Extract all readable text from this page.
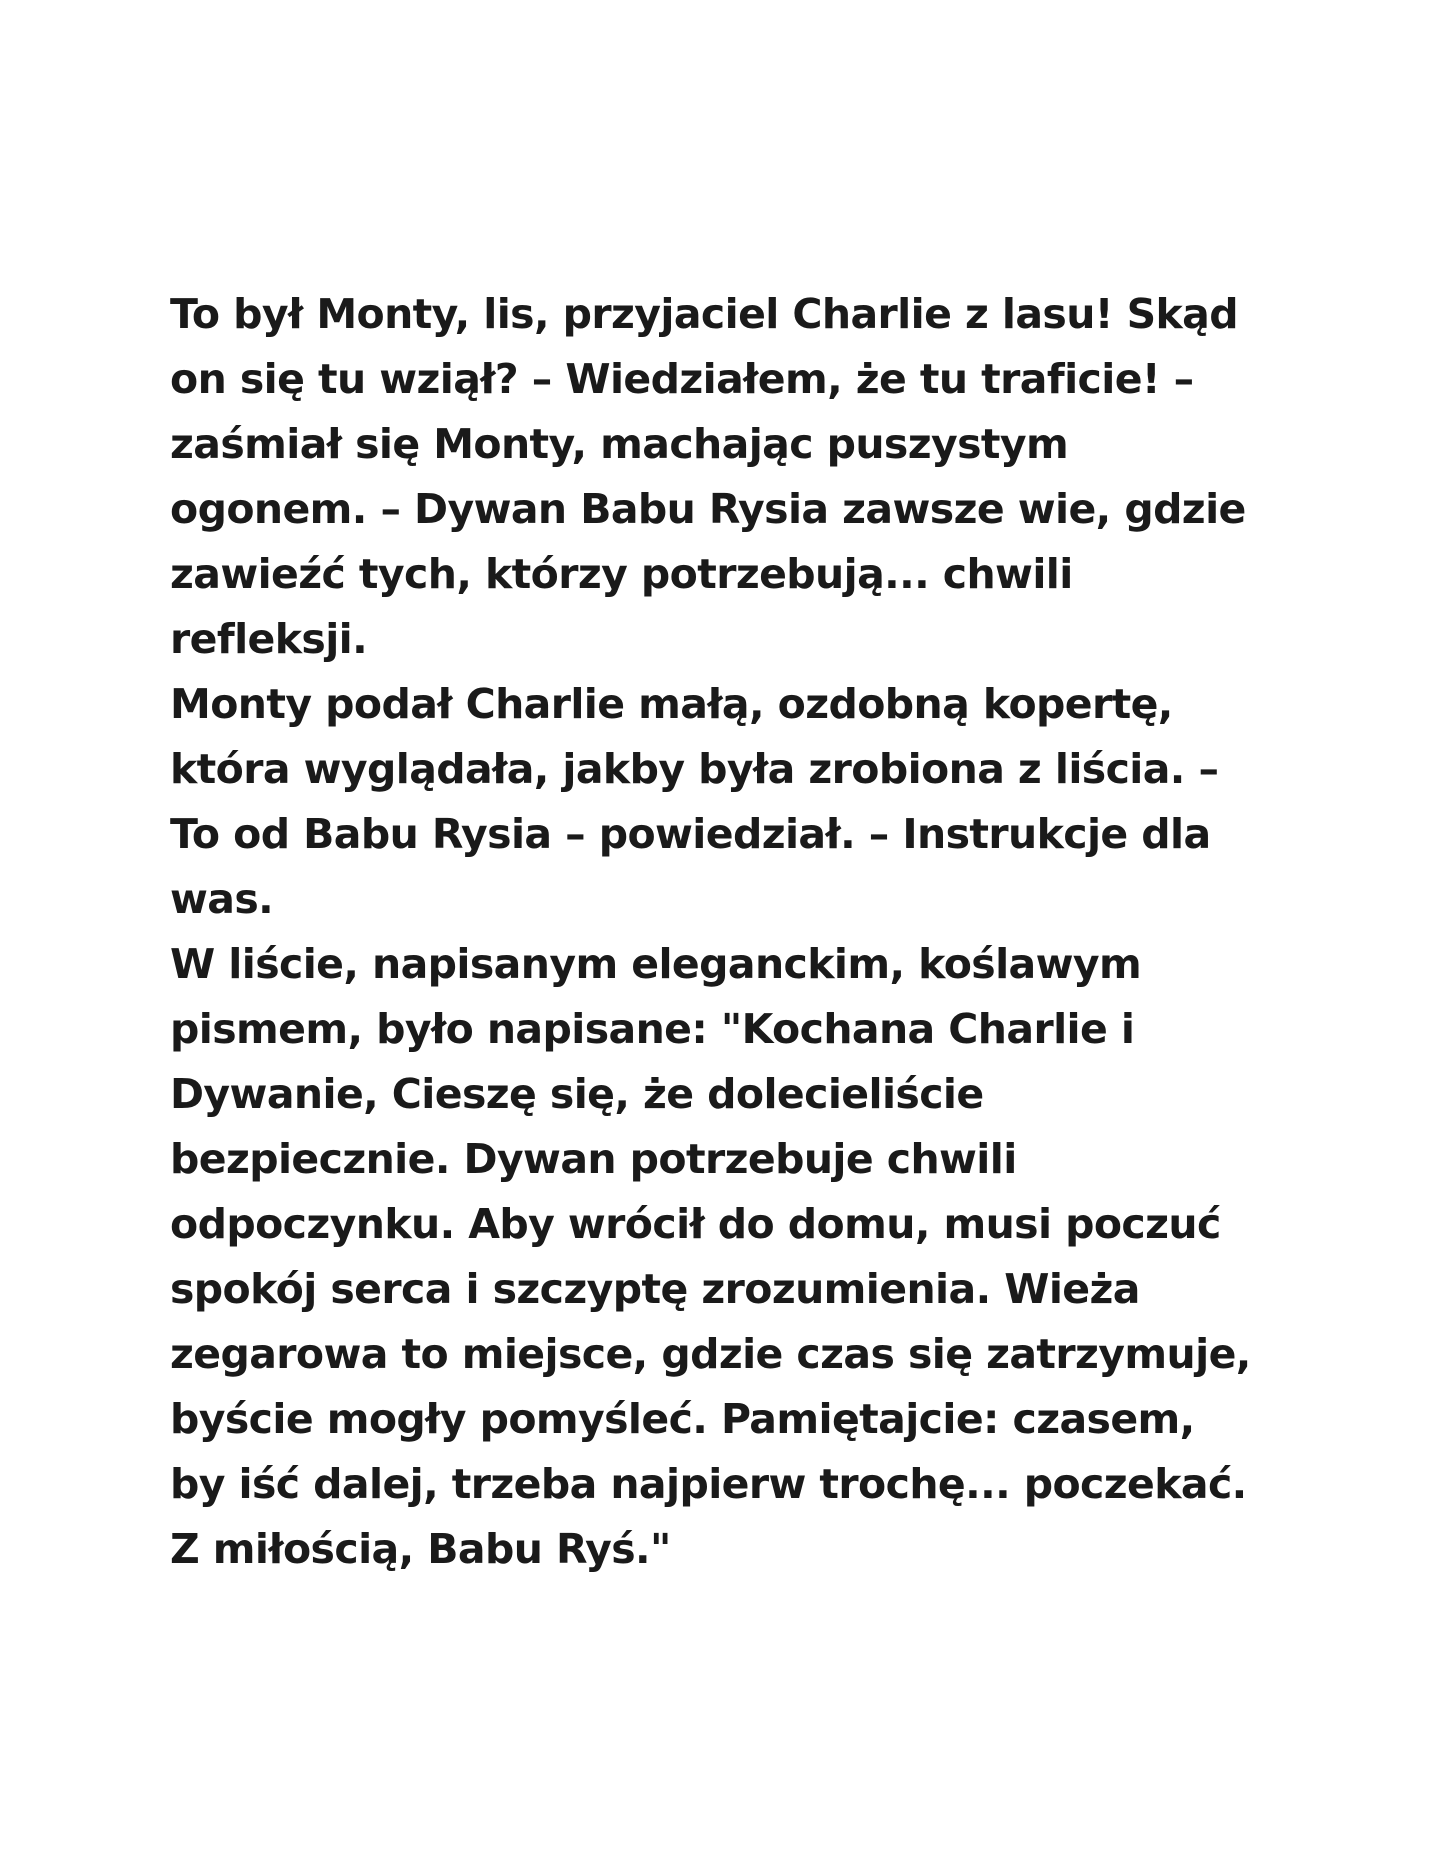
To był Monty, lis, przyjaciel Charlie z lasu! Skąd
on się tu wziął? – Wiedziałem, że tu traficie! –
zaśmiał się Monty, machając puszystym
ogonem. – Dywan Babu Rysia zawsze wie, gdzie
zawieźć tych, którzy potrzebują... chwili
refleksji.
Monty podał Charlie małą, ozdobną kopertę,
która wyglądała, jakby była zrobiona z liścia. –
To od Babu Rysia – powiedział. – Instrukcje dla
was.
W liście, napisanym eleganckim, koślawym
pismem, było napisane: "Kochana Charlie i
Dywanie, Cieszę się, że dolecieliście
bezpiecznie. Dywan potrzebuje chwili
odpoczynku. Aby wrócił do domu, musi poczuć
spokój serca i szczyptę zrozumienia. Wieża
zegarowa to miejsce, gdzie czas się zatrzymuje,
byście mogły pomyśleć. Pamiętajcie: czasem,
by iść dalej, trzeba najpierw trochę... poczekać.
Z miłością, Babu Ryś."
